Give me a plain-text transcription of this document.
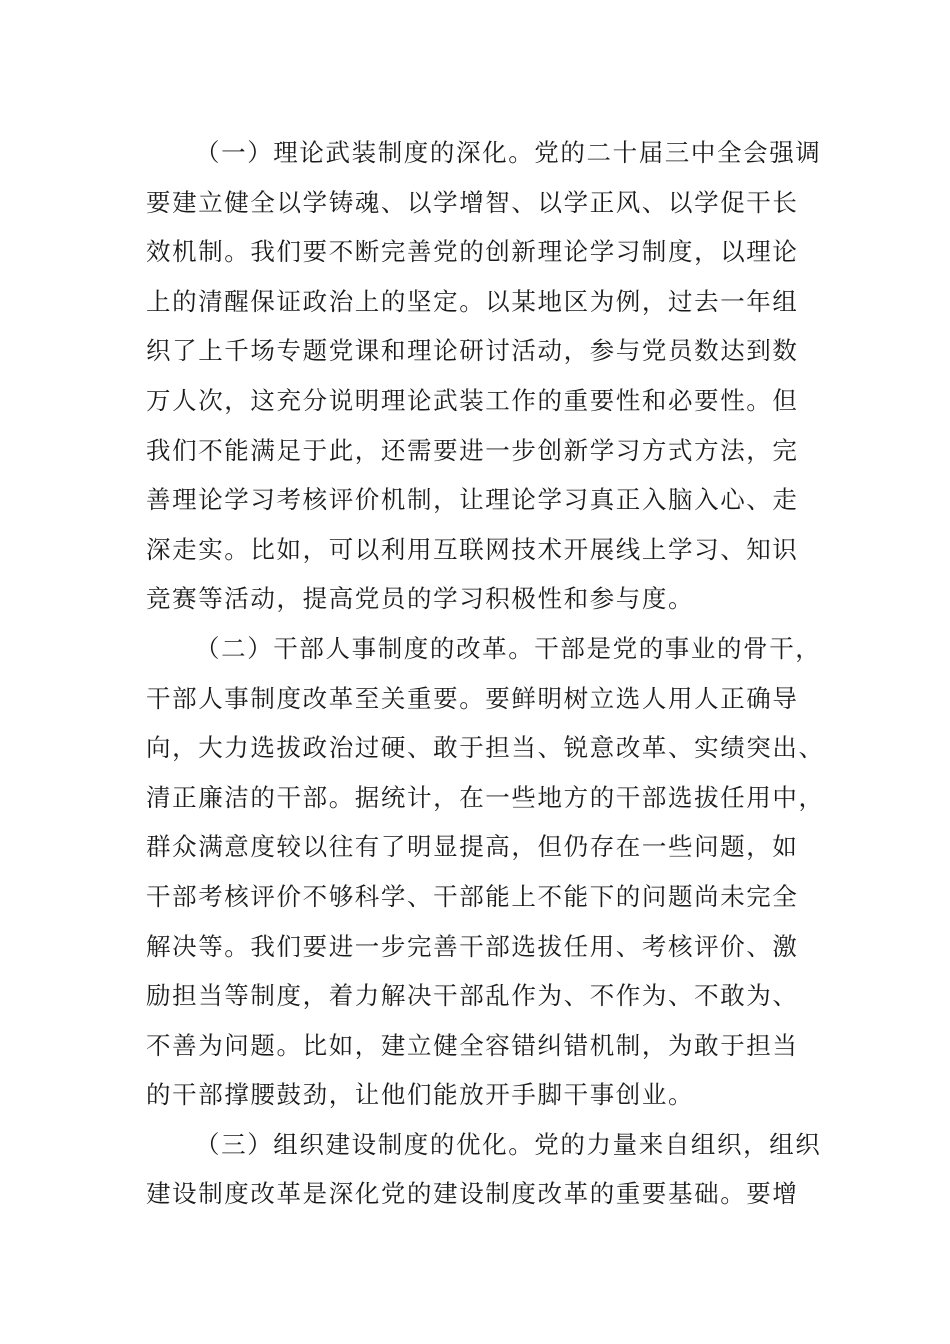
（一）理论武装制度的深化。党的二十届三中全会强调
要建立健全以学铸魂、以学增智、以学正风、以学促干长
效机制。我们要不断完善党的创新理论学习制度，以理论
上的清醒保证政治上的坚定。以某地区为例，过去一年组
织了上千场专题党课和理论研讨活动，参与党员数达到数
万人次，这充分说明理论武装工作的重要性和必要性。但
我们不能满足于此，还需要进一步创新学习方式方法，完
善理论学习考核评价机制，让理论学习真正入脑入心、走
深走实。比如，可以利用互联网技术开展线上学习、知识
竞赛等活动，提高党员的学习积极性和参与度。
（二）干部人事制度的改革。干部是党的事业的骨干，
干部人事制度改革至关重要。要鲜明树立选人用人正确导
向，大力选拔政治过硬、敢于担当、锐意改革、实绩突出、
清正廉洁的干部。据统计，在一些地方的干部选拔任用中，
群众满意度较以往有了明显提高，但仍存在一些问题，如
干部考核评价不够科学、干部能上不能下的问题尚未完全
解决等。我们要进一步完善干部选拔任用、考核评价、激
励担当等制度，着力解决干部乱作为、不作为、不敢为、
不善为问题。比如，建立健全容错纠错机制，为敢于担当
的干部撑腰鼓劲，让他们能放开手脚干事创业。
（三）组织建设制度的优化。党的力量来自组织，组织
建设制度改革是深化党的建设制度改革的重要基础。要增
